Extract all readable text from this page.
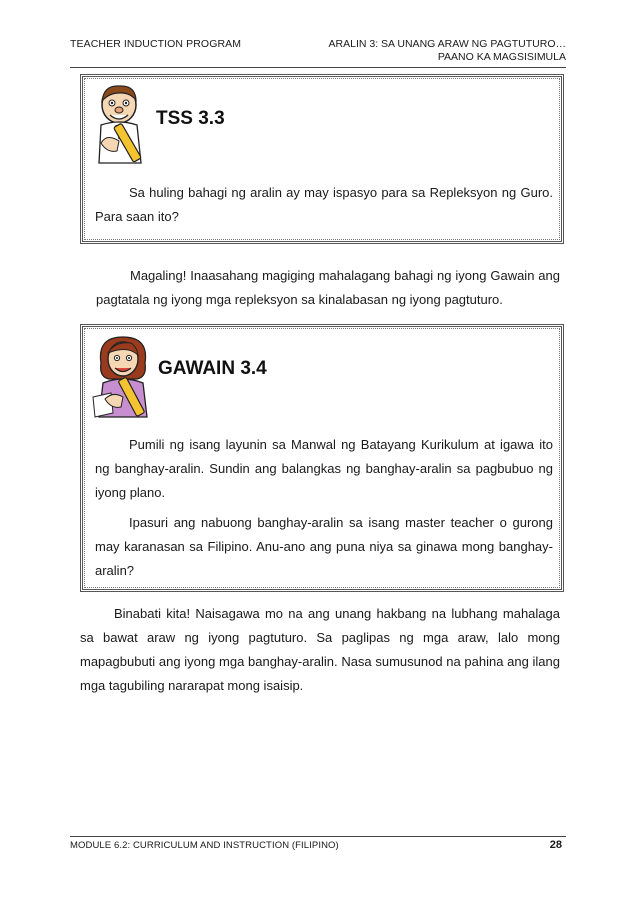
TEACHER INDUCTION PROGRAM	ARALIN 3: SA UNANG ARAW NG PAGTUTURO…
PAANO KA MAGSISIMULA
TSS 3.3
Sa huling bahagi ng aralin ay may ispasyo para sa Repleksyon ng Guro. Para saan ito?
Magaling! Inaasahang magiging mahalagang bahagi ng iyong Gawain ang pagtatala ng iyong mga repleksyon sa kinalabasan ng iyong pagtuturo.
GAWAIN 3.4
Pumili ng isang layunin sa Manwal ng Batayang Kurikulum at igawa ito ng banghay-aralin. Sundin ang balangkas ng banghay-aralin sa pagbubuo ng iyong plano.
Ipasuri ang nabuong banghay-aralin sa isang master teacher o gurong may karanasan sa Filipino. Anu-ano ang puna niya sa ginawa mong banghay-aralin?
Binabati kita! Naisagawa mo na ang unang hakbang na lubhang mahalaga sa bawat araw ng iyong pagtuturo. Sa paglipas ng mga araw, lalo mong mapagbubuti ang iyong mga banghay-aralin. Nasa sumusunod na pahina ang ilang mga tagubiling nararapat mong isaisip.
MODULE 6.2: CURRICULUM AND INSTRUCTION (FILIPINO)	28
